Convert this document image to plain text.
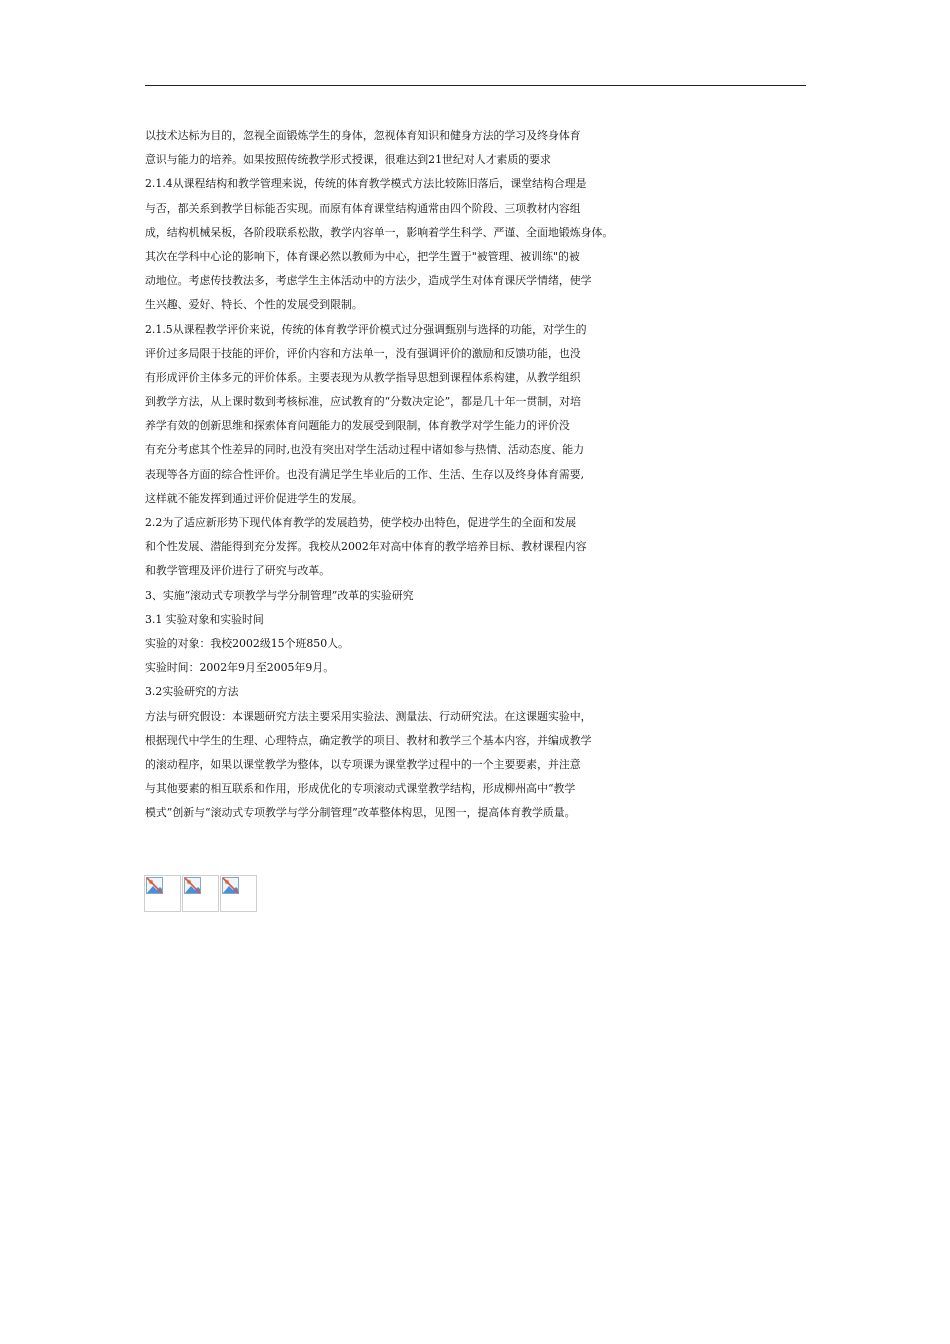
以技术达标为目的，忽视全面锻炼学生的身体，忽视体育知识和健身方法的学习及终身体育
意识与能力的培养。如果按照传统教学形式授课，很难达到21世纪对人才素质的要求
2.1.4从课程结构和教学管理来说，传统的体育教学模式方法比较陈旧落后，课堂结构合理是
与否，都关系到教学目标能否实现。而原有体育课堂结构通常由四个阶段、三项教材内容组
成，结构机械呆板，各阶段联系松散，教学内容单一，影响着学生科学、严谨、全面地锻炼身体。
其次在学科中心论的影响下，体育课必然以教师为中心，把学生置于"被管理、被训练"的被
动地位。考虑传技教法多，考虑学生主体活动中的方法少，造成学生对体育课厌学情绪，使学
生兴趣、爱好、特长、个性的发展受到限制。
2.1.5从课程教学评价来说，传统的体育教学评价模式过分强调甄别与选择的功能，对学生的
评价过多局限于技能的评价，评价内容和方法单一，没有强调评价的激励和反馈功能，也没
有形成评价主体多元的评价体系。主要表现为从教学指导思想到课程体系构建，从教学组织
到教学方法，从上课时数到考核标准，应试教育的“分数决定论”，都是几十年一贯制，对培
养学有效的创新思维和探索体育问题能力的发展受到限制，体育教学对学生能力的评价没
有充分考虑其个性差异的同时,也没有突出对学生活动过程中诸如参与热情、活动态度、能力
表现等各方面的综合性评价。也没有满足学生毕业后的工作、生活、生存以及终身体育需要,
这样就不能发挥到通过评价促进学生的发展。
2.2为了适应新形势下现代体育教学的发展趋势，使学校办出特色，促进学生的全面和发展
和个性发展、潜能得到充分发挥。我校从2002年对高中体育的教学培养目标、教材课程内容
和教学管理及评价进行了研究与改革。
3、实施“滚动式专项教学与学分制管理”改革的实验研究
3.1 实验对象和实验时间
实验的对象：我校2002级15个班850人。
实验时间：2002年9月至2005年9月。
3.2实验研究的方法
方法与研究假设：本课题研究方法主要采用实验法、测量法、行动研究法。在这课题实验中，
根据现代中学生的生理、心理特点，确定教学的项目、教材和教学三个基本内容，并编成教学
的滚动程序，如果以课堂教学为整体，以专项课为课堂教学过程中的一个主要要素，并注意
与其他要素的相互联系和作用，形成优化的专项滚动式课堂教学结构，形成柳州高中“教学
模式”创新与“滚动式专项教学与学分制管理”改革整体构思，见图一，提高体育教学质量。
